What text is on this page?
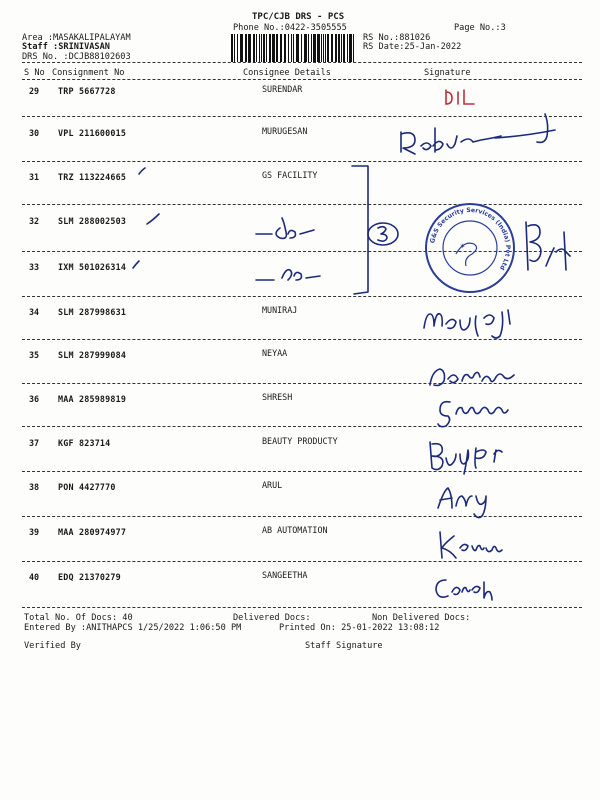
TPC/CJB DRS - PCS
Phone No.:0422-3505555	Page No.:3
Area :MASAKALIPALAYAM
Staff :SRINIVASAN
DRS No. :DCJB88102603
RS No.:881026
RS Date:25-Jan-2022
S No Consignment No	Consignee Details	Signature
29 TRP 5667728	SURENDAR
30 VPL 211600015	MURUGESAN
31 TRZ 113224665	GS FACILITY
32 SLM 288002503
33 IXM 501026314
34 SLM 287998631	MUNIRAJ
35 SLM 287999084	NEYAA
36 MAA 285989819	SHRESH
37 KGF 823714	BEAUTY PRODUCTY
38 PON 4427770	ARUL
39 MAA 280974977	AB AUTOMATION
40 EDQ 21370279	SANGEETHA
G&S Security Services (India) Pvt Ltd
✶
Total No. Of Docs: 40	Delivered Docs:	Non Delivered Docs:
Entered By :ANITHAPCS 1/25/2022 1:06:50 PM	Printed On: 25-01-2022 13:08:12
Verified By	Staff Signature
